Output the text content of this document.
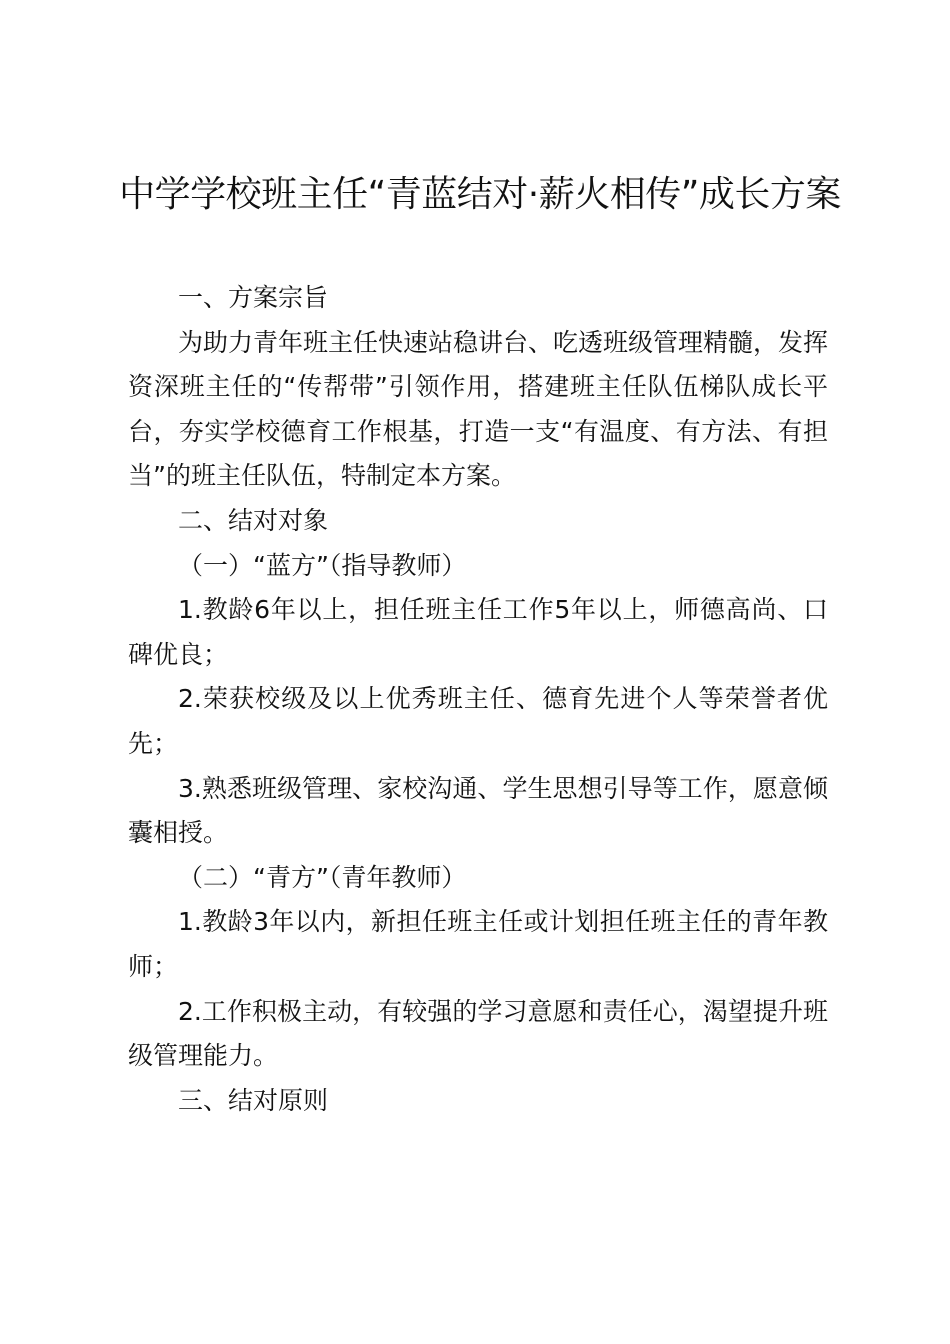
中学学校班主任“青蓝结对·薪火相传”成长方案

一、方案宗旨

为助力青年班主任快速站稳讲台、吃透班级管理精髓，发挥资深班主任的“传帮带”引领作用，搭建班主任队伍梯队成长平台，夯实学校德育工作根基，打造一支“有温度、有方法、有担当”的班主任队伍，特制定本方案。

二、结对对象

（一）“蓝方”（指导教师）

1.教龄6年以上，担任班主任工作5年以上，师德高尚、口碑优良；

2.荣获校级及以上优秀班主任、德育先进个人等荣誉者优先；

3.熟悉班级管理、家校沟通、学生思想引导等工作，愿意倾囊相授。

（二）“青方”（青年教师）

1.教龄3年以内，新担任班主任或计划担任班主任的青年教师；

2.工作积极主动，有较强的学习意愿和责任心，渴望提升班级管理能力。

三、结对原则
